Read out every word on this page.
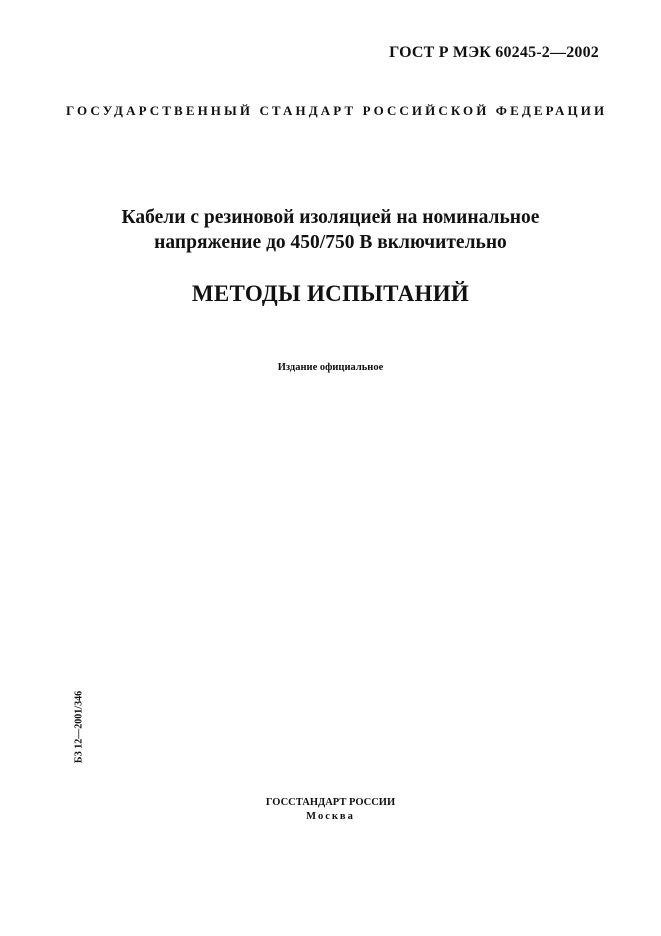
ГОСТ Р МЭК 60245-2—2002
ГОСУДАРСТВЕННЫЙ СТАНДАРТ РОССИЙСКОЙ ФЕДЕРАЦИИ
Кабели с резиновой изоляцией на номинальное
напряжение до 450/750 В включительно
МЕТОДЫ ИСПЫТАНИЙ
Издание официальное
БЗ 12—2001/346
ГОССТАНДАРТ РОССИИ
Москва
